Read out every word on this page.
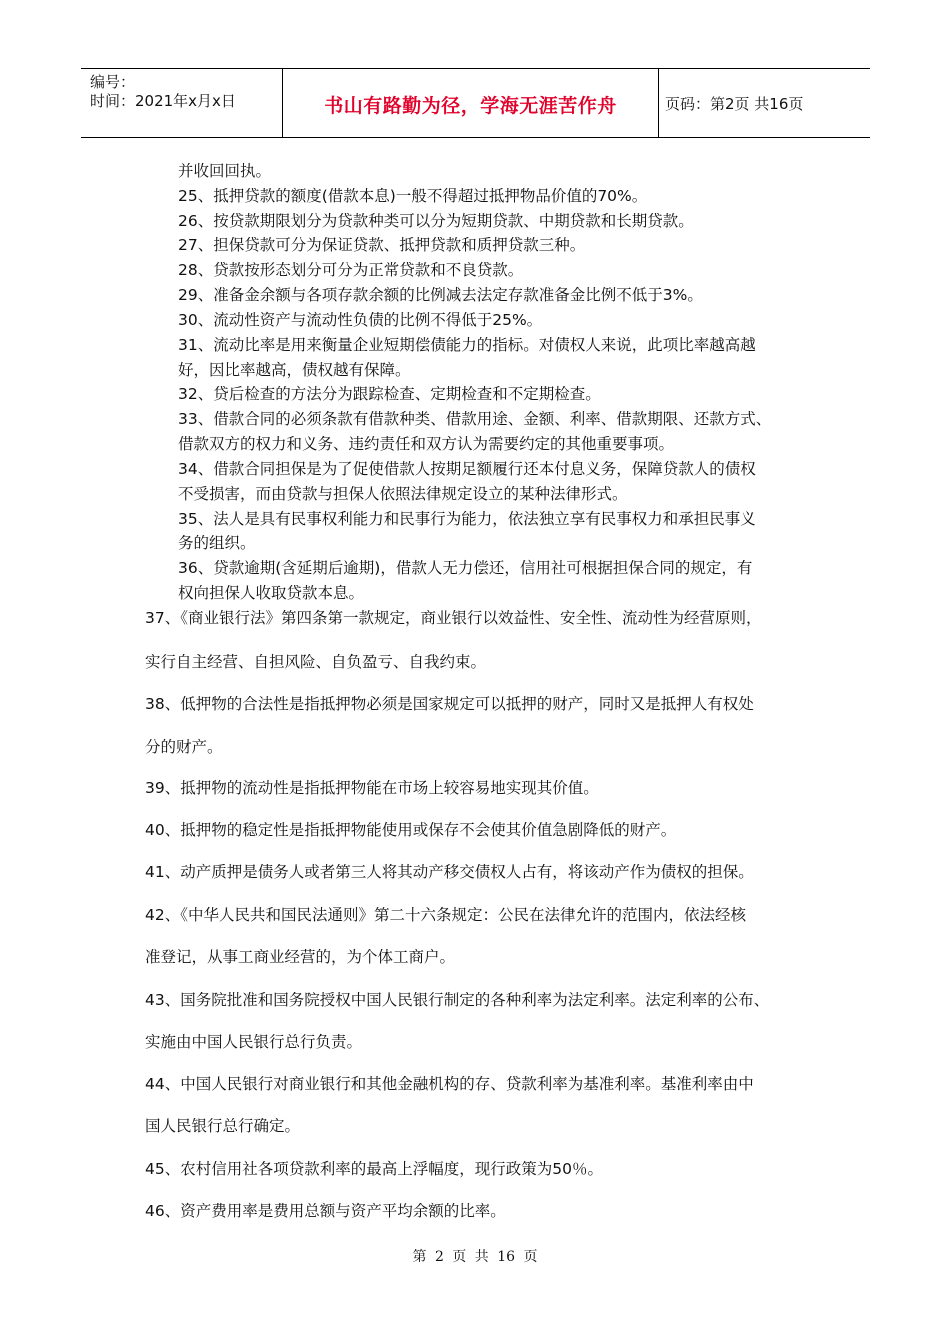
编号：
时间：2021年x月x日	书山有路勤为径，学海无涯苦作舟	页码：第2页 共16页
并收回回执。
25、抵押贷款的额度(借款本息)一般不得超过抵押物品价值的70%。
26、按贷款期限划分为贷款种类可以分为短期贷款、中期贷款和长期贷款。
27、担保贷款可分为保证贷款、抵押贷款和质押贷款三种。
28、贷款按形态划分可分为正常贷款和不良贷款。
29、准备金余额与各项存款余额的比例减去法定存款准备金比例不低于3%。
30、流动性资产与流动性负债的比例不得低于25%。
31、流动比率是用来衡量企业短期偿债能力的指标。对债权人来说，此项比率越高越
好，因比率越高，债权越有保障。
32、贷后检查的方法分为跟踪检查、定期检查和不定期检查。
33、借款合同的必须条款有借款种类、借款用途、金额、利率、借款期限、还款方式、
借款双方的权力和义务、违约责任和双方认为需要约定的其他重要事项。
34、借款合同担保是为了促使借款人按期足额履行还本付息义务，保障贷款人的债权
不受损害，而由贷款与担保人依照法律规定设立的某种法律形式。
35、法人是具有民事权利能力和民事行为能力，依法独立享有民事权力和承担民事义
务的组织。
36、贷款逾期(含延期后逾期)，借款人无力偿还，信用社可根据担保合同的规定，有
权向担保人收取贷款本息。
37、《商业银行法》第四条第一款规定，商业银行以效益性、安全性、流动性为经营原则，
实行自主经营、自担风险、自负盈亏、自我约束。
38、低押物的合法性是指抵押物必须是国家规定可以抵押的财产，同时又是抵押人有权处
分的财产。
39、抵押物的流动性是指抵押物能在市场上较容易地实现其价值。
40、抵押物的稳定性是指抵押物能使用或保存不会使其价值急剧降低的财产。
41、动产质押是债务人或者第三人将其动产移交债权人占有，将该动产作为债权的担保。
42、《中华人民共和国民法通则》第二十六条规定：公民在法律允许的范围内，依法经核
准登记，从事工商业经营的，为个体工商户。
43、国务院批准和国务院授权中国人民银行制定的各种利率为法定利率。法定利率的公布、
实施由中国人民银行总行负责。
44、中国人民银行对商业银行和其他金融机构的存、贷款利率为基准利率。基准利率由中
国人民银行总行确定。
45、农村信用社各项贷款利率的最高上浮幅度，现行政策为50％。
46、资产费用率是费用总额与资产平均余额的比率。
第 2 页 共 16 页
